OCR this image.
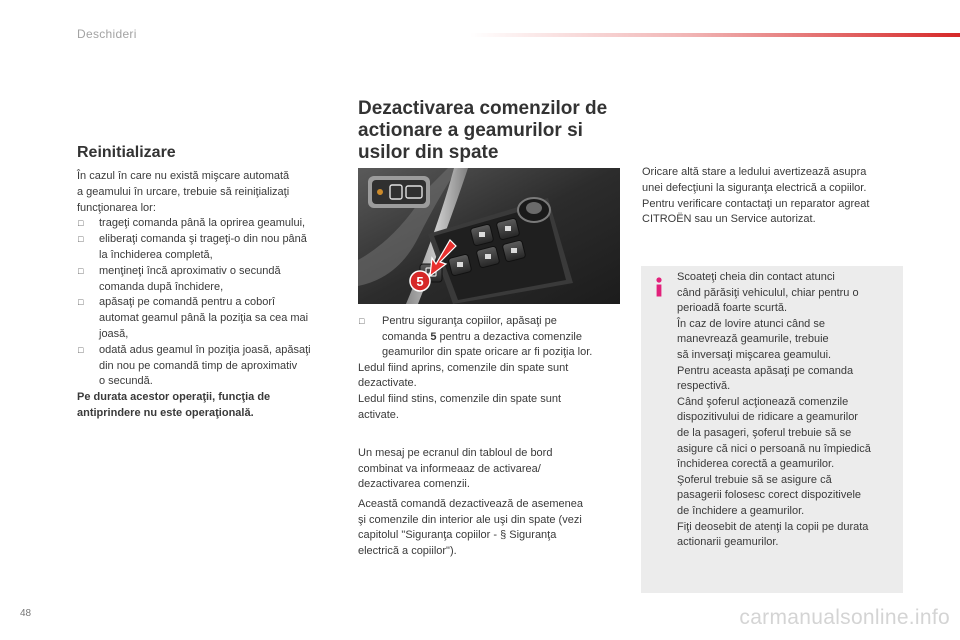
Deschideri
Reinitializare

În cazul în care nu există mişcare automată

a geamului în urcare, trebuie să reiniţializaţi

funcţionarea lor:

□ trageţi comanda până la oprirea geamului,

□ eliberaţi comanda şi trageţi-o din nou până

la închiderea completă,

□ menţineţi încă aproximativ o secundă

comanda după închidere,

□ apăsaţi pe comandă pentru a coborî

automat geamul până la poziţia sa cea mai

joasă,

□ odată adus geamul în poziţia joasă, apăsaţi

din nou pe comandă timp de aproximativ

o secundă.

Pe durata acestor operaţii, funcţia de

antiprindere nu este operaţională.

Dezactivarea comenzilor de
actionare a geamurilor si
usilor din spate
5

□ Pentru siguranţa copiilor, apăsaţi pe

comanda 5 pentru a dezactiva comenzile

geamurilor din spate oricare ar fi poziţia lor.

Ledul fiind aprins, comenzile din spate sunt

dezactivate.

Ledul fiind stins, comenzile din spate sunt

activate.

Un mesaj pe ecranul din tabloul de bord

combinat va informeaaz de activarea/

dezactivarea comenzii.

Această comandă dezactivează de asemenea

şi comenzile din interior ale uşi din spate (vezi

capitolul "Siguranţa copiilor - § Siguranţa

electrică a copiilor").

Oricare altă stare a ledului avertizează asupra

unei defecţiuni la siguranţa electrică a copiilor.

Pentru verificare contactaţi un reparator agreat

CITROËN sau un Service autorizat.

Scoateţi cheia din contact atunci

când părăsiţi vehiculul, chiar pentru o

perioadă foarte scurtă.

În caz de lovire atunci când se

manevrează geamurile, trebuie

să inversaţi mişcarea geamului.

Pentru aceasta apăsaţi pe comanda

respectivă.

Când şoferul acţionează comenzile

dispozitivului de ridicare a geamurilor

de la pasageri, şoferul trebuie să se

asigure că nici o persoană nu împiedică

închiderea corectă a geamurilor.

Şoferul trebuie să se asigure că

pasagerii folosesc corect dispozitivele

de închidere a geamurilor.

Fiţi deosebit de atenţi la copii pe durata

actionarii geamurilor.

48	carmanualsonline.info
